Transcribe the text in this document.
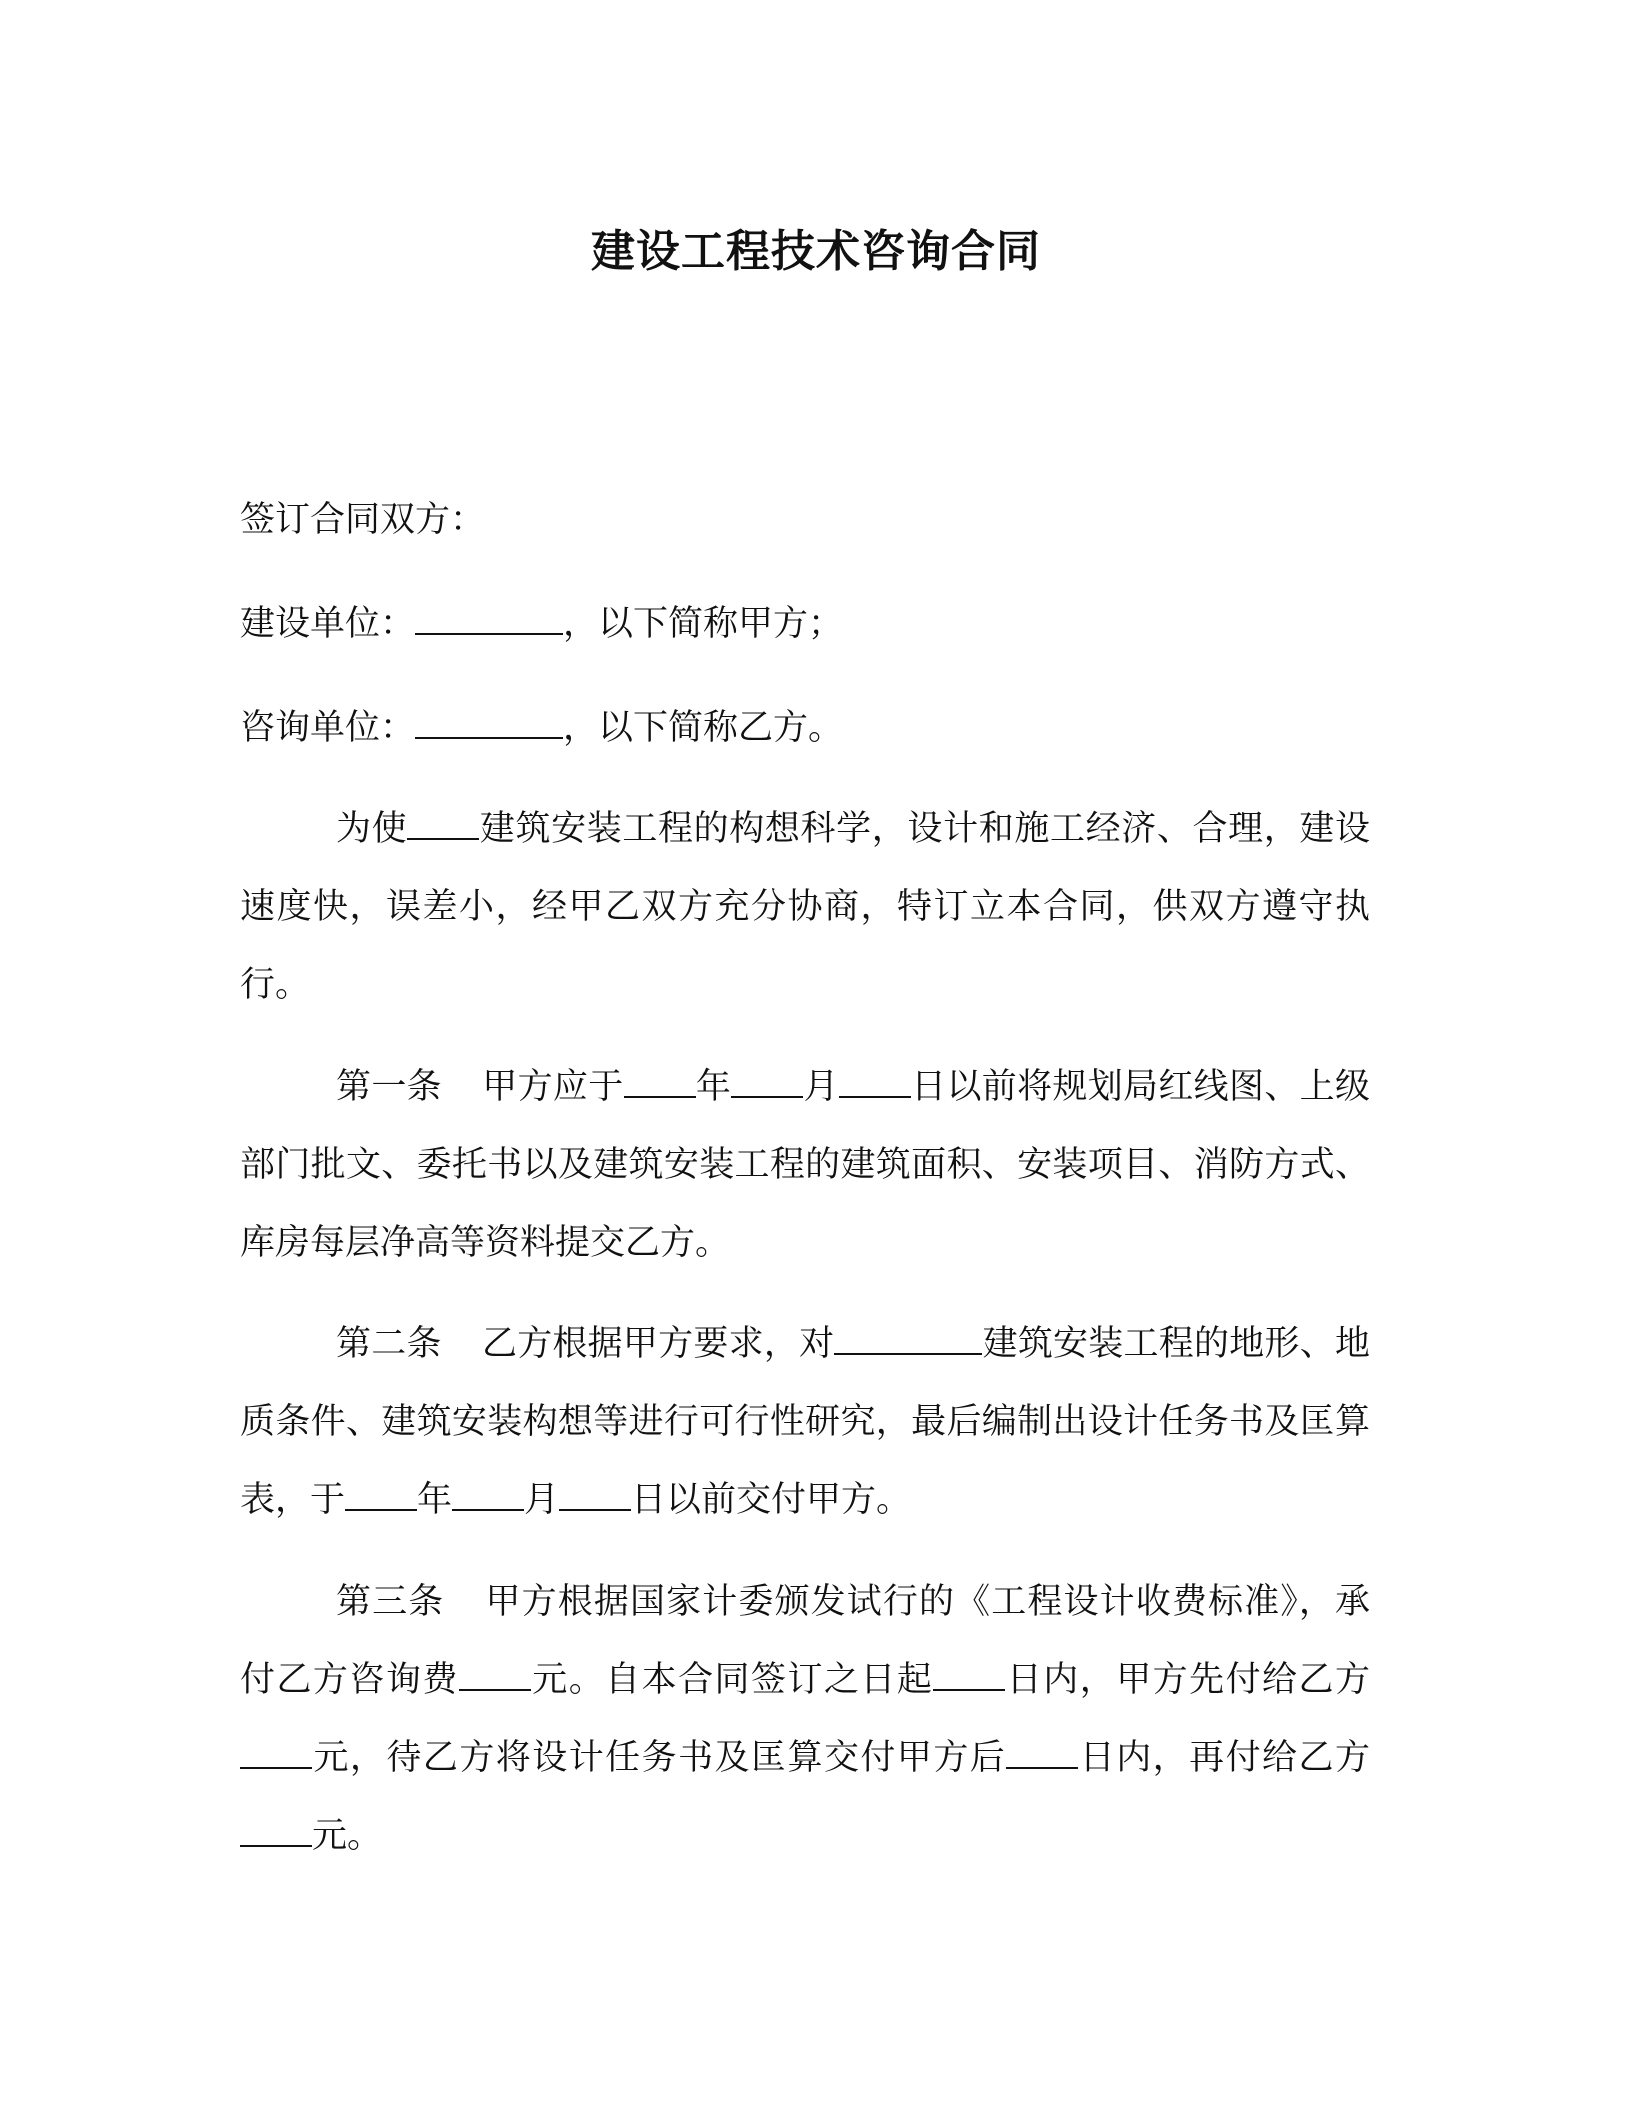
建设工程技术咨询合同
签订合同双方：
建设单位：	，以下简称甲方；
咨询单位：	，以下简称乙方。
为使 建筑安装工程的构想科学，设计和施工经济、合理，建设速度快，误差小，经甲乙双方充分协商，特订立本合同，供双方遵守执行。
第一条 甲方应于 年 月 日以前将规划局红线图、上级部门批文、委托书以及建筑安装工程的建筑面积、安装项目、消防方式、库房每层净高等资料提交乙方。
第二条 乙方根据甲方要求，对	建筑安装工程的地形、地质条件、建筑安装构想等进行可行性研究，最后编制出设计任务书及匡算表，于 年 月 日以前交付甲方。
第三条 甲方根据国家计委颁发试行的《工程设计收费标准》，承付乙方咨询费 元。自本合同签订之日起 日内，甲方先付给乙方元，待乙方将设计任务书及匡算交付甲方后 日内，再付给乙方元。
